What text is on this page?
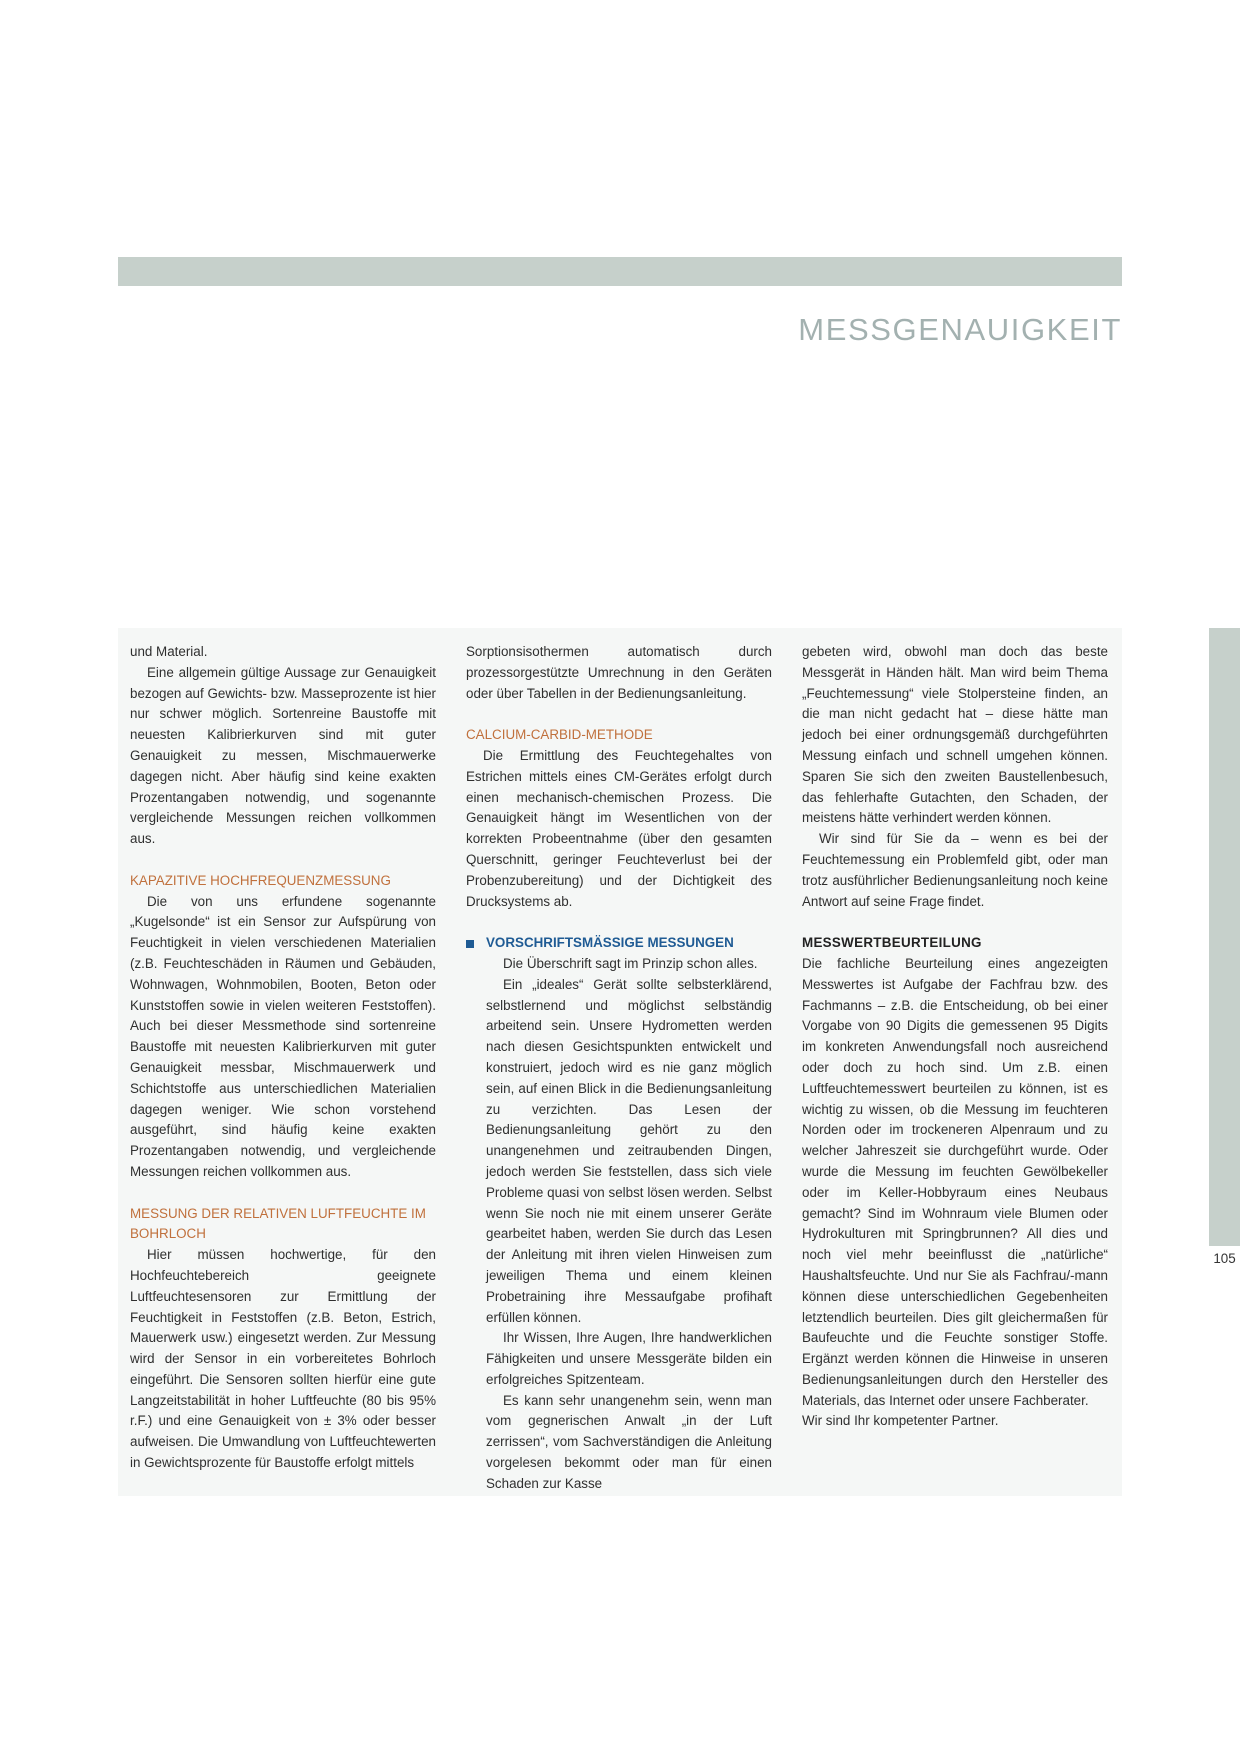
MESSGENAUIGKEIT

und Material.

Eine allgemein gültige Aussage zur Genauigkeit bezogen auf Gewichts- bzw. Masseprozente ist hier nur schwer möglich. Sortenreine Baustoffe mit neuesten Kalibrierkurven sind mit guter Genauigkeit zu messen, Mischmauerwerke dagegen nicht. Aber häufig sind keine exakten Prozentangaben notwendig, und sogenannte vergleichende Messungen reichen vollkommen aus.

KAPAZITIVE HOCHFREQUENZMESSUNG

Die von uns erfundene sogenannte „Kugelsonde“ ist ein Sensor zur Aufspürung von Feuchtigkeit in vielen verschiedenen Materialien (z.B. Feuchteschäden in Räumen und Gebäuden, Wohnwagen, Wohnmobilen, Booten, Beton oder Kunststoffen sowie in vielen weiteren Feststoffen). Auch bei dieser Messmethode sind sortenreine Baustoffe mit neuesten Kalibrierkurven mit guter Genauigkeit messbar, Mischmauerwerk und Schichtstoffe aus unterschiedlichen Materialien dagegen weniger. Wie schon vorstehend ausgeführt, sind häufig keine exakten Prozentangaben notwendig, und vergleichende Messungen reichen vollkommen aus.

MESSUNG DER RELATIVEN LUFTFEUCHTE IM BOHRLOCH

Hier müssen hochwertige, für den Hochfeuchtebereich geeignete Luftfeuchtesensoren zur Ermittlung der Feuchtigkeit in Feststoffen (z.B. Beton, Estrich, Mauerwerk usw.) eingesetzt werden. Zur Messung wird der Sensor in ein vorbereitetes Bohrloch eingeführt. Die Sensoren sollten hierfür eine gute Langzeitstabilität in hoher Luftfeuchte (80 bis 95% r.F.) und eine Genauigkeit von ± 3% oder besser aufweisen. Die Umwandlung von Luftfeuchtewerten in Gewichtsprozente für Baustoffe erfolgt mittels

Sorptionsisothermen automatisch durch prozessorgestützte Umrechnung in den Geräten oder über Tabellen in der Bedienungsanleitung.

CALCIUM-CARBID-METHODE

Die Ermittlung des Feuchtegehaltes von Estrichen mittels eines CM-Gerätes erfolgt durch einen mechanisch-chemischen Prozess. Die Genauigkeit hängt im Wesentlichen von der korrekten Probeentnahme (über den gesamten Querschnitt, geringer Feuchteverlust bei der Probenzubereitung) und der Dichtigkeit des Drucksystems ab.

VORSCHRIFTSMÄSSIGE MESSUNGEN

Die Überschrift sagt im Prinzip schon alles.

Ein „ideales“ Gerät sollte selbsterklärend, selbstlernend und möglichst selbständig arbeitend sein. Unsere Hydrometten werden nach diesen Gesichtspunkten entwickelt und konstruiert, jedoch wird es nie ganz möglich sein, auf einen Blick in die Bedienungsanleitung zu verzichten. Das Lesen der Bedienungsanleitung gehört zu den unangenehmen und zeitraubenden Dingen, jedoch werden Sie feststellen, dass sich viele Probleme quasi von selbst lösen werden. Selbst wenn Sie noch nie mit einem unserer Geräte gearbeitet haben, werden Sie durch das Lesen der Anleitung mit ihren vielen Hinweisen zum jeweiligen Thema und einem kleinen Probetraining ihre Messaufgabe profihaft erfüllen können.

Ihr Wissen, Ihre Augen, Ihre handwerklichen Fähigkeiten und unsere Messgeräte bilden ein erfolgreiches Spitzenteam.

Es kann sehr unangenehm sein, wenn man vom gegnerischen Anwalt „in der Luft zerrissen“, vom Sachverständigen die Anleitung vorgelesen bekommt oder man für einen Schaden zur Kasse

gebeten wird, obwohl man doch das beste Messgerät in Händen hält. Man wird beim Thema „Feuchtemessung“ viele Stolpersteine finden, an die man nicht gedacht hat – diese hätte man jedoch bei einer ordnungsgemäß durchgeführten Messung einfach und schnell umgehen können. Sparen Sie sich den zweiten Baustellenbesuch, das fehlerhafte Gutachten, den Schaden, der meistens hätte verhindert werden können.

Wir sind für Sie da – wenn es bei der Feuchtemessung ein Problemfeld gibt, oder man trotz ausführlicher Bedienungsanleitung noch keine Antwort auf seine Frage findet.

MESSWERTBEURTEILUNG

Die fachliche Beurteilung eines angezeigten Messwertes ist Aufgabe der Fachfrau bzw. des Fachmanns – z.B. die Entscheidung, ob bei einer Vorgabe von 90 Digits die gemessenen 95 Digits im konkreten Anwendungsfall noch ausreichend oder doch zu hoch sind. Um z.B. einen Luftfeuchtemesswert beurteilen zu können, ist es wichtig zu wissen, ob die Messung im feuchteren Norden oder im trockeneren Alpenraum und zu welcher Jahreszeit sie durchgeführt wurde. Oder wurde die Messung im feuchten Gewölbekeller oder im Keller-Hobbyraum eines Neubaus gemacht? Sind im Wohnraum viele Blumen oder Hydrokulturen mit Springbrunnen? All dies und noch viel mehr beeinflusst die „natürliche“ Haushaltsfeuchte. Und nur Sie als Fachfrau/-mann können diese unterschiedlichen Gegebenheiten letztendlich beurteilen. Dies gilt gleichermaßen für Baufeuchte und die Feuchte sonstiger Stoffe. Ergänzt werden können die Hinweise in unseren Bedienungsanleitungen durch den Hersteller des Materials, das Internet oder unsere Fachberater.

Wir sind Ihr kompetenter Partner.

105
